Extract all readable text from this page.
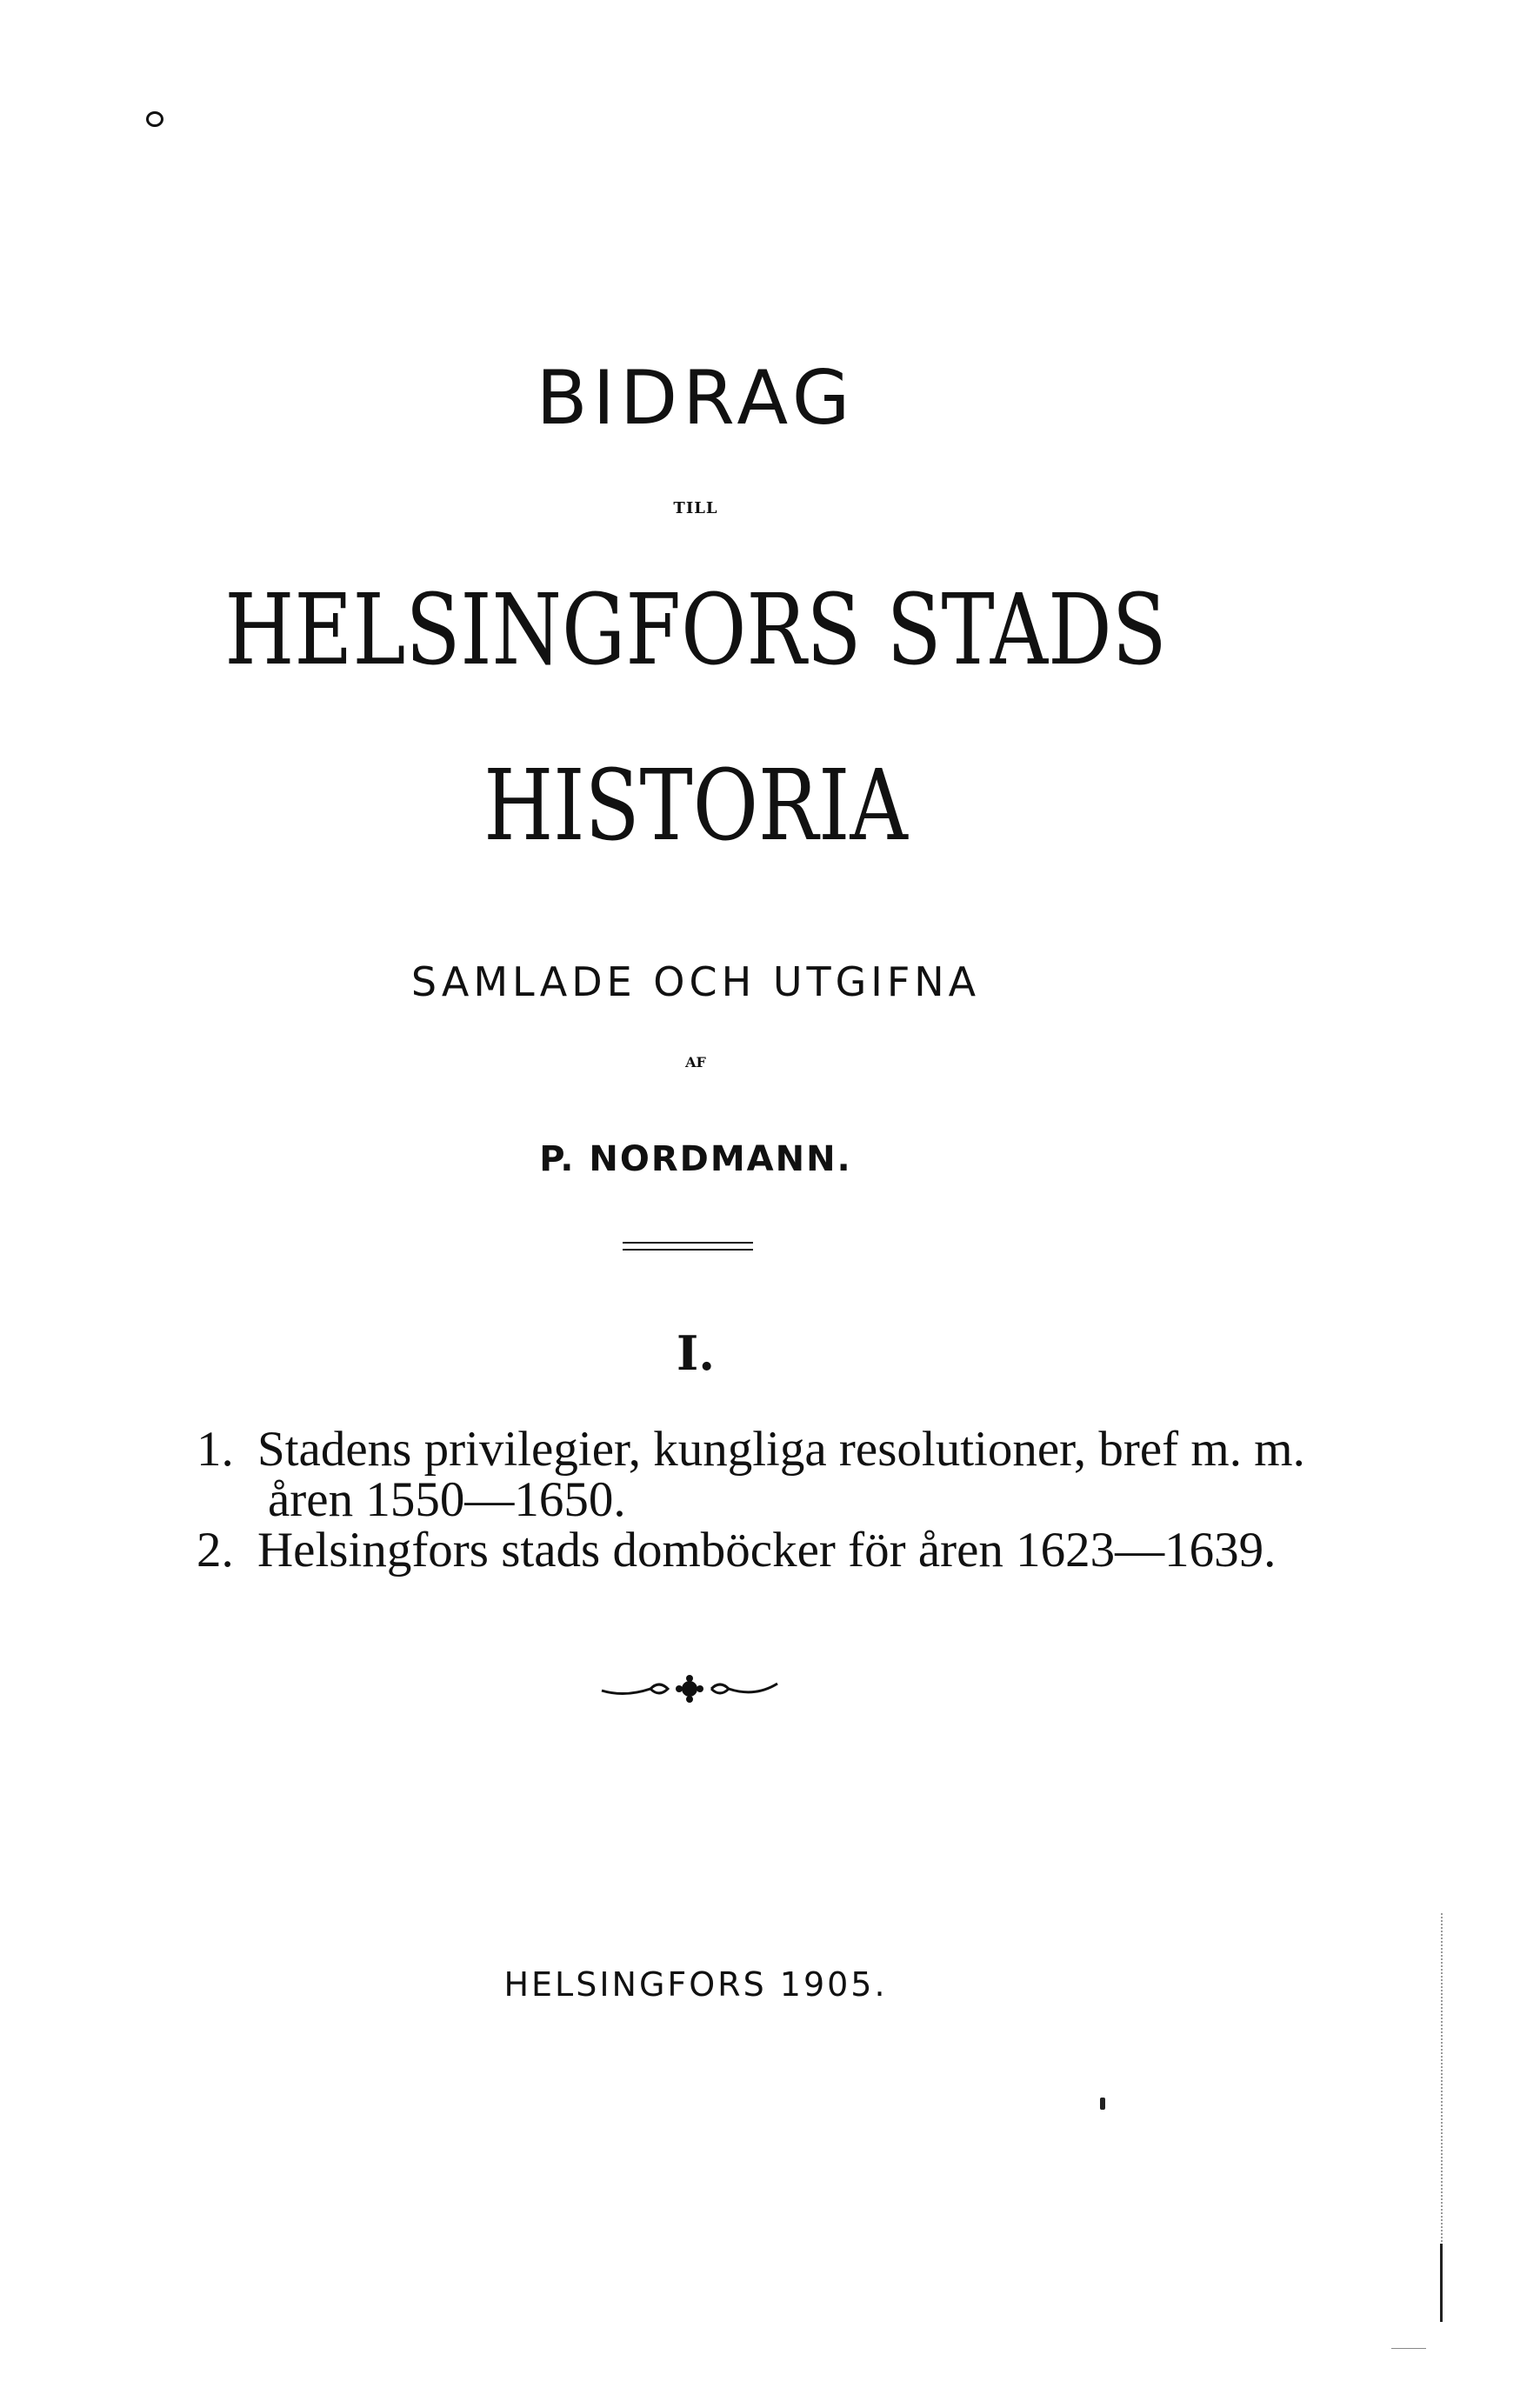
BIDRAG
TILL
HELSINGFORS STADS
HISTORIA
SAMLADE OCH UTGIFNA
AF
P. NORDMANN.
I.
1. Stadens privilegier, kungliga resolutioner, bref m. m.
åren 1550—1650.
2. Helsingfors stads domböcker för åren 1623—1639.
HELSINGFORS 1905.
